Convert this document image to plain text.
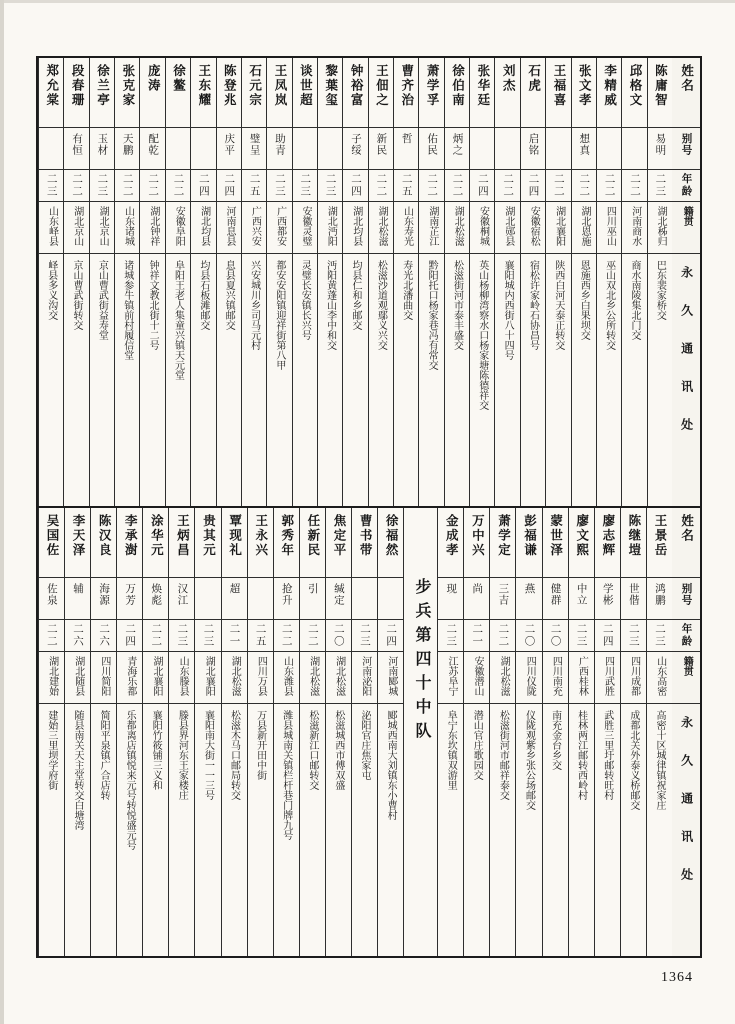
姓名
别号
年龄
籍贯
永久通讯处
陈庸智
易明
二三
湖北秭归
巴东裴家桥交
邱格文
二二
河南商水
商水南陵集北门交
李精威
二二
四川巫山
巫山双北乡公所转交
张文孝
想真
二二
湖北恩施
恩施西乡白果坝交
王福喜
二二
湖北襄阳
陕西白河天泰正转交
石虎
启铭
二四
安徽宿松
宿松许家岭石协昌号
刘杰
二二
湖北郧县
襄阳城内西街八十四号
张华廷
二四
安徽桐城
英山杨柳湾察水口杨家塘陈德祥交
徐伯南
炳之
二二
湖北松滋
松滋街河市泰丰盛交
萧学孚
佑民
二二
湖南芷江
黔阳托口杨家巷冯有常交
曹齐治
哲
二五
山东寿光
寿光北潘曲交
王佃之
新民
二二
湖北松滋
松滋沙道观鄢义兴交
钟裕富
子绥
二四
湖北均县
均县仁和乡邮交
黎葉玺
二三
湖北沔阳
沔阳黄蓬山李中和交
谈世超
二三
安徽灵璧
灵璧长安镇长兴号
王凤岚
助青
二三
广西都安
都安安阳镇迎祥街第八甲
石元宗
璧呈
二五
广西兴安
兴安城川乡司马元村
陈登兆
庆平
二四
河南息县
息县夏兴镇邮交
王东耀
二四
湖北均县
均县石板滩邮交
徐鳌
二二
安徽阜阳
阜阳王老人集童兴镇天元堂
庞涛
配乾
二二
湖北钟祥
钟祥文教北街十二号
张克家
天鹏
二二
山东诸城
诸城参牛镇前村履信堂
徐兰亭
玉材
二三
湖北京山
京山曹武街益寿堂
段春珊
有恒
二二
湖北京山
京山曹武街转交
郑允棠
二三
山东峄县
峄县多义沟交
姓名
别号
年龄
籍贯
永久通讯处
王景岳
鸿鹏
二三
山东高密
高密十区城律镇祝家庄
陈继塏
世偕
二三
四川成都
成都北关外泰义桥邮交
廖志辉
学彬
二四
四川武胜
武胜三里圩邮转旺村
廖文熙
中立
二三
广西桂林
桂林两江邮转西岭村
蒙世泽
健群
二〇
四川南充
南充金台乡交
彭福谦
燕
二〇
四川仪陇
仪陇观紫乡张公场邮交
萧学定
三吉
二二
湖北松滋
松滋街河市邮祥泰交
万中兴
尚
二一
安徽潜山
潜山官庄歌园交
金成孝
现
二三
江苏阜宁
阜宁东坎镇双游里
步兵第四十中队
徐福然
二四
河南郾城
郾城西南大刘镇东小曹村
曹书带
二三
河南泌阳
泌阳官庄焦家屯
焦定平
缄定
二〇
湖北松滋
松滋城西市傅双盛
任新民
引
二二
湖北松滋
松滋新江口邮转交
郭秀年
抢升
二二
山东潍县
潍县城南关镇栏杆巷门牌九号
王永兴
二五
四川万县
万县新开田中街
覃现礼
超
二一
湖北松滋
松滋木马口邮局转交
贵其元
二三
湖北襄阳
襄阳南大街一一三号
王炳昌
汉江
二三
山东滕县
滕县界河东王家楼庄
涂华元
焕彪
二二
湖北襄阳
襄阳竹筱铺三义和
李承澍
万芳
二四
青海乐都
乐都离店镇悦来元号转悦盛元号
陈汉良
海源
二六
四川简阳
简阳平泉镇广合店转
李天泽
辅
二六
湖北随县
随县南关天主堂转交白塘湾
吴国佐
佐泉
二二
湖北建始
建始三里坝学府街
1364
